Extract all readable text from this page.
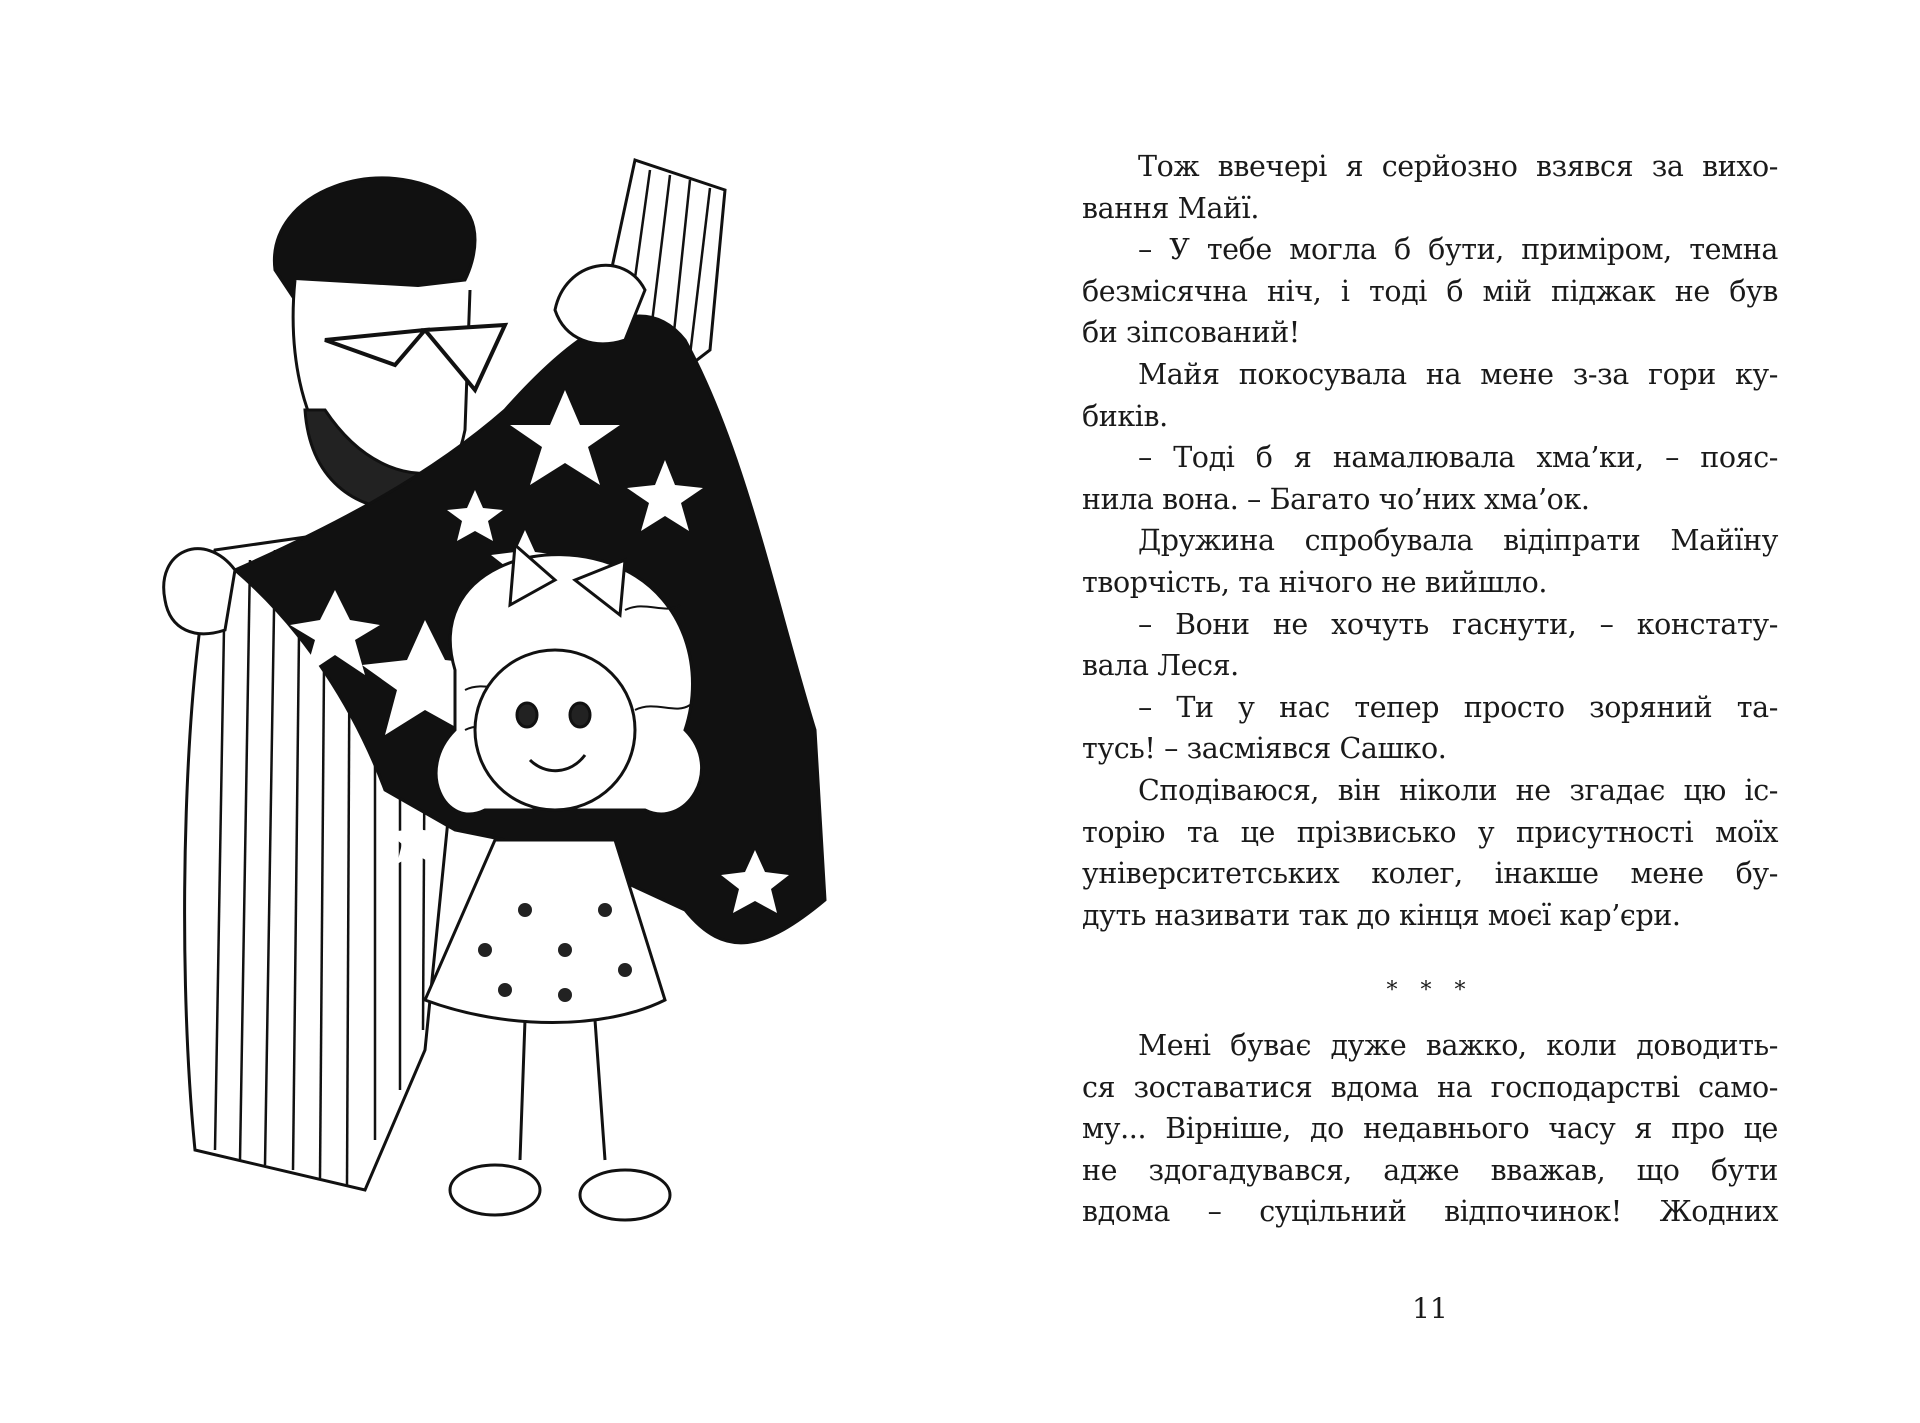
Тож ввечері я серйозно взявся за вихо-
вання Майї.
– У тебе могла б бути, приміром, темна
безмісячна ніч, і тоді б мій піджак не був
би зіпсований!
Майя покосувала на мене з-за гори ку-
биків.
– Тоді б я намалювала хма’ки, – пояс-
нила вона. – Багато чо’них хма’ок.
Дружина спробувала відіпрати Майїну
творчість, та нічого не вийшло.
– Вони не хочуть гаснути, – констату-
вала Леся.
– Ти у нас тепер просто зоряний та-
тусь! – засміявся Сашко.
Сподіваюся, він ніколи не згадає цю іс-
торію та це прізвисько у присутності моїх
університетських колег, інакше мене бу-
дуть називати так до кінця моєї кар’єри.
* * *
Мені буває дуже важко, коли доводить-
ся зоставатися вдома на господарстві само-
му... Вірніше, до недавнього часу я про це
не здогадувався, адже вважав, що бути
вдома – суцільний відпочинок! Жодних
11
